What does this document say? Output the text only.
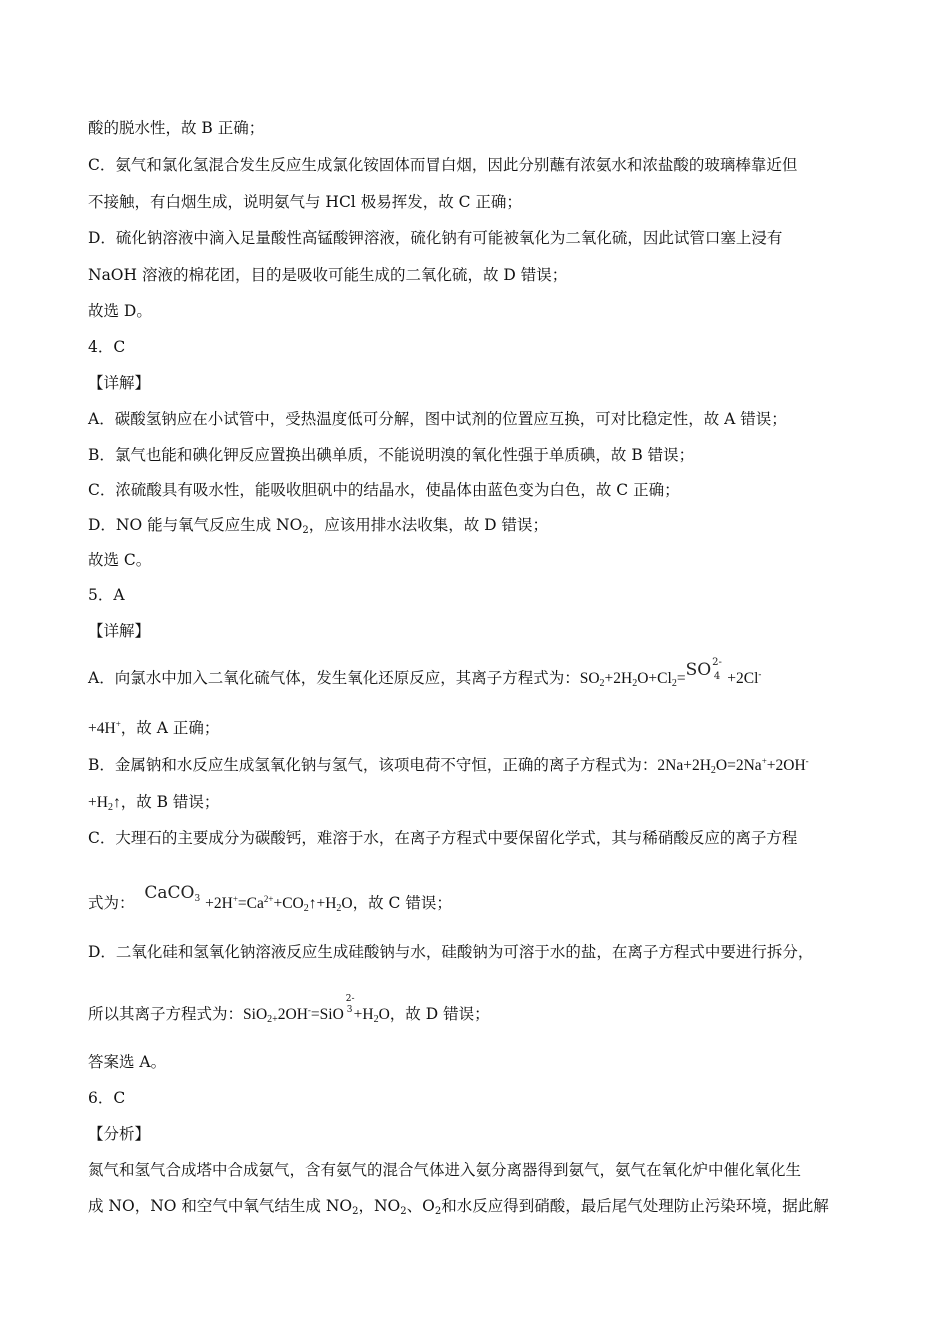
酸的脱水性，故 B 正确；
C．氨气和氯化氢混合发生反应生成氯化铵固体而冒白烟，因此分别蘸有浓氨水和浓盐酸的玻璃棒靠近但
不接触，有白烟生成，说明氨气与 HCl 极易挥发，故 C 正确；
D．硫化钠溶液中滴入足量酸性高锰酸钾溶液，硫化钠有可能被氧化为二氧化硫，因此试管口塞上浸有
NaOH 溶液的棉花团，目的是吸收可能生成的二氧化硫，故 D 错误；
故选 D。
4．C
【详解】
A．碳酸氢钠应在小试管中，受热温度低可分解，图中试剂的位置应互换，可对比稳定性，故 A 错误；
B．氯气也能和碘化钾反应置换出碘单质，不能说明溴的氧化性强于单质碘，故 B 错误；
C．浓硫酸具有吸水性，能吸收胆矾中的结晶水，使晶体由蓝色变为白色，故 C 正确；
D．NO 能与氧气反应生成 $NO_2$，应该用排水法收集，故 D 错误；
故选 C。
5．A
【详解】
A．向氯水中加入二氧化硫气体，发生氧化还原反应，其离子方程式为：$SO_2+2H_2O+Cl_2=SO^{2-}_4 +2Cl^-$
+4H+，故 A 正确；
B．金属钠和水反应生成氢氧化钠与氢气，该项电荷不守恒，正确的离子方程式为：$2Na+2H_2O=2Na^++2OH^-$
$+H_2↑$，故 B 错误；
C．大理石的主要成分为碳酸钙，难溶于水，在离子方程式中要保留化学式，其与稀硝酸反应的离子方程
式为： CaCO3 $+2H^+=Ca^{2+}+CO_2↑+H_2O$，故 C 错误；
D．二氧化硅和氢氧化钠溶液反应生成硅酸钠与水，硅酸钠为可溶于水的盐，在离子方程式中要进行拆分，
所以其离子方程式为：SiO$_{2+}$2OH-=SiO
2-
$3 +H_2O$，故 D 错误；
答案选 A。
6．C
【分析】
氮气和氢气合成塔中合成氨气，含有氨气的混合气体进入氨分离器得到氨气，氨气在氧化炉中催化氧化生
成 NO，NO 和空气中氧气结生成 $NO_2$，$NO_2$、$O_2$和水反应得到硝酸，最后尾气处理防止污染环境，据此解
